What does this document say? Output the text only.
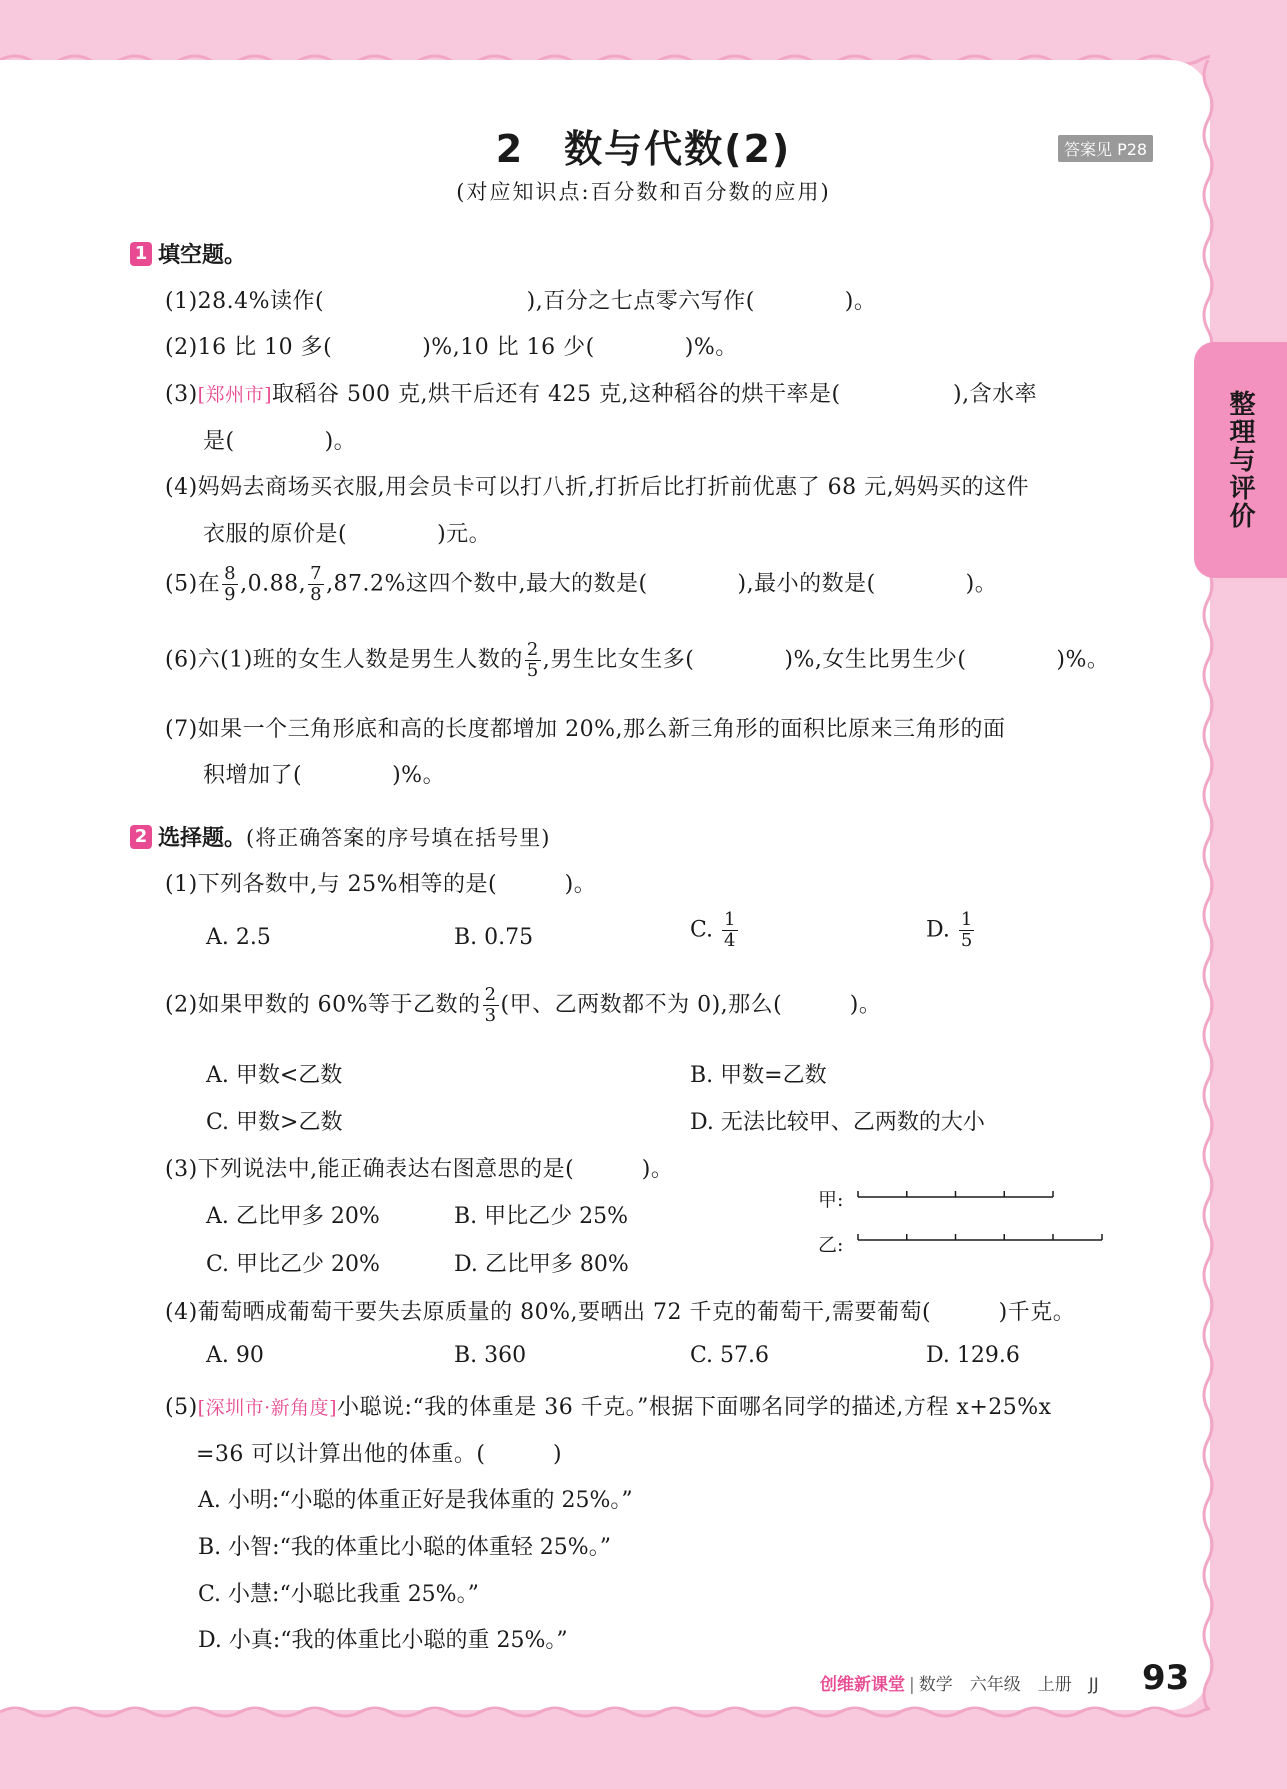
2　数与代数(2)	答案见 P28
(对应知识点:百分数和百分数的应用)
整理与评价
1 填空题。
(1)28.4%读作(　　　　　　　　　),百分之七点零六写作(　　　　)。
(2)16 比 10 多(　　　　)%,10 比 16 少(　　　　)%。
(3)[郑州市]取稻谷 500 克,烘干后还有 425 克,这种稻谷的烘干率是(　　　　　),含水率
是(　　　　)。
(4)妈妈去商场买衣服,用会员卡可以打八折,打折后比打折前优惠了 68 元,妈妈买的这件
衣服的原价是(　　　　)元。
(5)在 $\frac{8}{9} ,0.88$, $\frac{7}{8} ,87.2\%$这四个数中,最大的数是(　　　　),最小的数是(　　　　)。
(6)六(1)班的女生人数是男生人数的 $\frac{2}{5}$ ,男生比女生多(　　　　)%,女生比男生少(　　　　)%。
(7)如果一个三角形底和高的长度都增加 20%,那么新三角形的面积比原来三角形的面
积增加了(　　　　)%。
2 选择题。 (将正确答案的序号填在括号里)
(1)下列各数中,与 25%相等的是(　　　)。
A. 2.5	B. 0.75	C. $\frac{1}{4}$	D. $\frac{1}{5}$
(2)如果甲数的 60%等于乙数的 $\frac{2}{3}$ (甲、乙两数都不为 0),那么(　　　)。
A. 甲数<乙数	B. 甲数=乙数
C. 甲数>乙数	D. 无法比较甲、乙两数的大小
(3)下列说法中,能正确表达右图意思的是(　　　)。
A. 乙比甲多 20%	B. 甲比乙少 25%
C. 甲比乙少 20%	D. 乙比甲多 80%
甲:
乙:
(4)葡萄晒成葡萄干要失去原质量的 80%,要晒出 72 千克的葡萄干,需要葡萄(　　　)千克。
A. 90	B. 360	C. 57.6	D. 129.6
(5)[深圳市·新角度]小聪说:“我的体重是 36 千克。”根据下面哪名同学的描述,方程 x+25%x
=36 可以计算出他的体重。(　　　)
A. 小明:“小聪的体重正好是我体重的 25%。”
B. 小智:“我的体重比小聪的体重轻 25%。”
C. 小慧:“小聪比我重 25%。”
D. 小真:“我的体重比小聪的重 25%。”
创维新课堂 | 数学　六年级　上册　JJ 93
